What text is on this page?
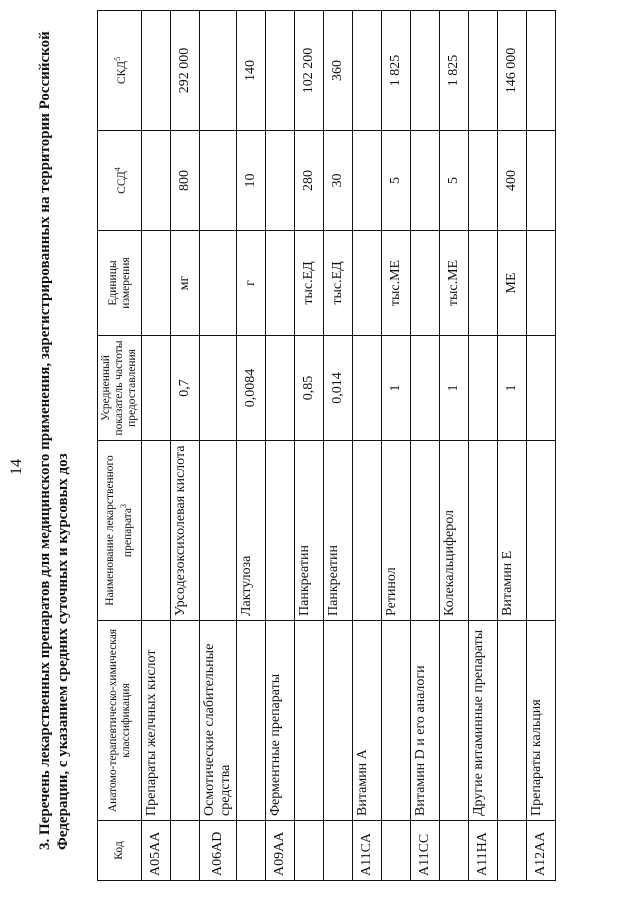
14 3. Перечень лекарственных препаратов для медицинского применения, зарегистрированных на территории Российской Федерации, с указанием средних суточных и курсовых доз
Код	Анатомо-терапевтическо-химическая классификация	Наименование лекарственного препарата$^3$	Усредненный показатель частоты предоставления	Единицы измерения	ССД$^4$	СКД$^5$
A05AA	Препараты желчных кислот					
		Урсодезоксихолевая кислота	0,7	мг	800	292 000
A06AD	Осмотические слабительные средства					
		Лактулоза	0,0084	г	10	140
A09AA	Ферментные препараты					
		Панкреатин	0,85	тыс.ЕД	280	102 200
		Панкреатин	0,014	тыс.ЕД	30	360
A11CA	Витамин А					
		Ретинол	1	тыс.МЕ	5	1 825
A11CC	Витамин D и его аналоги					
		Колекальциферол	1	тыс.МЕ	5	1 825
A11HA	Другие витаминные препараты					
		Витамин Е	1	МЕ	400	146 000
A12AA	Препараты кальция					
